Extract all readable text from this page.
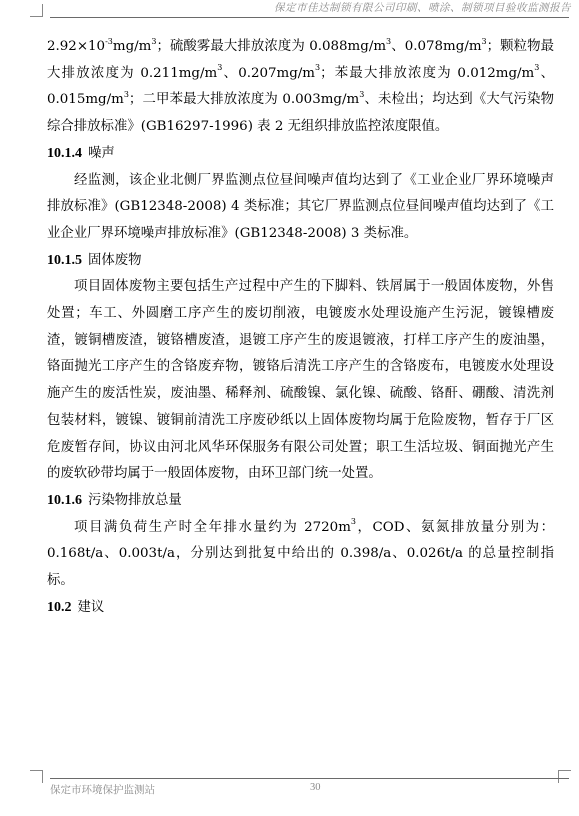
保定市佳达制锁有限公司印刷、喷涂、制锁项目验收监测报告

$2.92\times 10^{-3}mg/m^3$；硫酸雾最大排放浓度为 $0.088mg/m^3$、$0.078mg/m^3$；颗粒物最大排放浓度为 $0.211mg/m^3$、$0.207mg/m^3$；苯最大排放浓度为 $0.012mg/m^3$、$0.015mg/m^3$；二甲苯最大排放浓度为 $0.003mg/m^3$、未检出；均达到《大气污染物综合排放标准》(GB16297-1996) 表 2 无组织排放监控浓度限值。

10.1.4 噪声

经监测，该企业北侧厂界监测点位昼间噪声值均达到了《工业企业厂界环境噪声排放标准》(GB12348-2008) 4 类标准；其它厂界监测点位昼间噪声值均达到了《工业企业厂界环境噪声排放标准》(GB12348-2008) 3 类标准。

10.1.5 固体废物

项目固体废物主要包括生产过程中产生的下脚料、铁屑属于一般固体废物，外售处置；车工、外圆磨工序产生的废切削液，电镀废水处理设施产生污泥，镀镍槽废渣，镀铜槽废渣，镀铬槽废渣，退镀工序产生的废退镀液，打样工序产生的废油墨，铬面抛光工序产生的含铬废弃物，镀铬后清洗工序产生的含铬废布，电镀废水处理设施产生的废活性炭，废油墨、稀释剂、硫酸镍、氯化镍、硫酸、铬酐、硼酸、清洗剂包装材料，镀镍、镀铜前清洗工序废砂纸以上固体废物均属于危险废物，暂存于厂区危废暂存间，协议由河北风华环保服务有限公司处置；职工生活垃圾、铜面抛光产生的废软砂带均属于一般固体废物，由环卫部门统一处置。

10.1.6 污染物排放总量

项目满负荷生产时全年排水量约为 $2720m^3$，COD、氨氮排放量分别为：0.168t/a、0.003t/a，分别达到批复中给出的 0.398/a、0.026t/a 的总量控制指标。

10.2 建议
保定市环境保护监测站	30
